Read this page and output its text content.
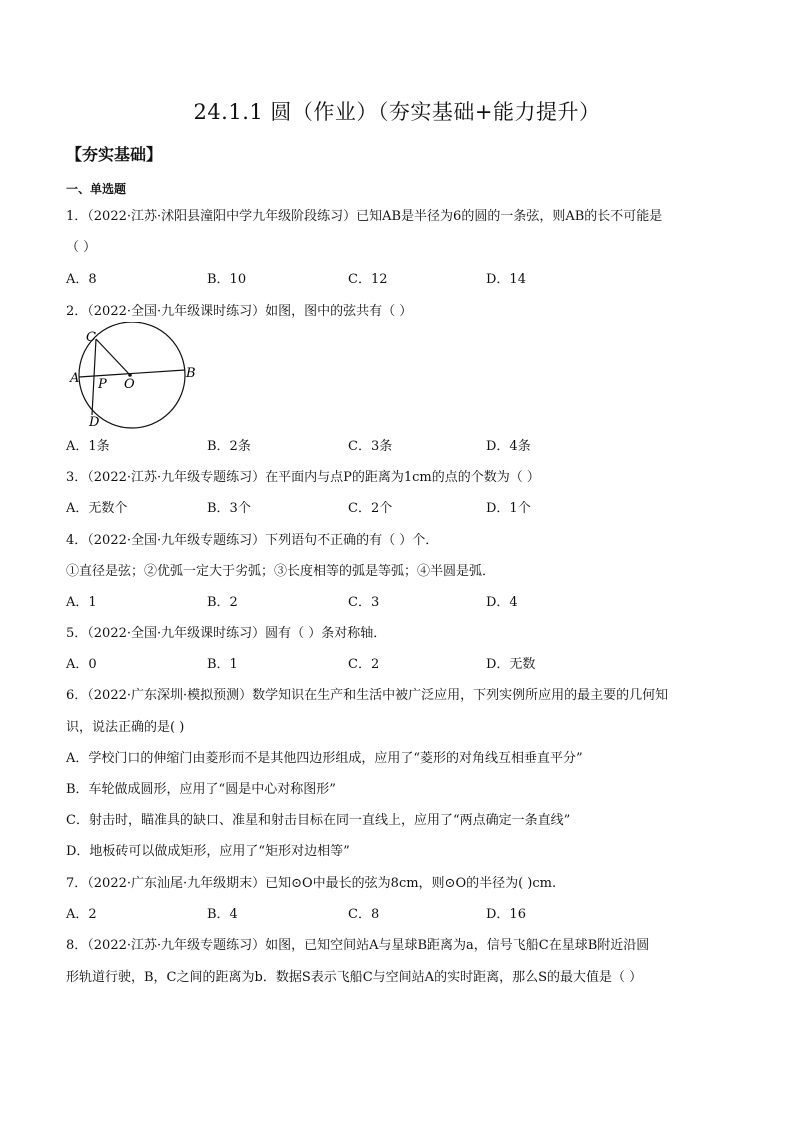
24.1.1 圆（作业）（夯实基础+能力提升）
【夯实基础】
一、单选题
1．（2022·江苏·沭阳县潼阳中学九年级阶段练习）已知AB是半径为6的圆的一条弦，则AB的长不可能是
（ ）
A．8	B．10	C．12	D．14
2．（2022·全国·九年级课时练习）如图，图中的弦共有（ ）
C
A	B
P O
D
A．1条	B．2条	C．3条	D．4条
3．（2022·江苏·九年级专题练习）在平面内与点P的距离为1cm的点的个数为（ ）
A．无数个	B．3个	C．2个	D．1个
4．（2022·全国·九年级专题练习）下列语句不正确的有（ ）个．
①直径是弦；②优弧一定大于劣弧；③长度相等的弧是等弧；④半圆是弧．
A．1	B．2	C．3	D．4
5．（2022·全国·九年级课时练习）圆有（ ）条对称轴．
A．0	B．1	C．2	D．无数
6．（2022·广东深圳·模拟预测）数学知识在生产和生活中被广泛应用，下列实例所应用的最主要的几何知
识，说法正确的是( )
A．学校门口的伸缩门由菱形而不是其他四边形组成，应用了“菱形的对角线互相垂直平分”
B．车轮做成圆形，应用了“圆是中心对称图形”
C．射击时，瞄准具的缺口、准星和射击目标在同一直线上，应用了“两点确定一条直线”
D．地板砖可以做成矩形，应用了“矩形对边相等”
7．（2022·广东汕尾·九年级期末）已知⊙O中最长的弦为8cm，则⊙O的半径为( )cm.
A．2	B．4	C．8	D．16
8．（2022·江苏·九年级专题练习）如图，已知空间站A与星球B距离为a，信号飞船C在星球B附近沿圆
形轨道行驶，B，C之间的距离为b．数据S表示飞船C与空间站A的实时距离，那么S的最大值是（ ）
